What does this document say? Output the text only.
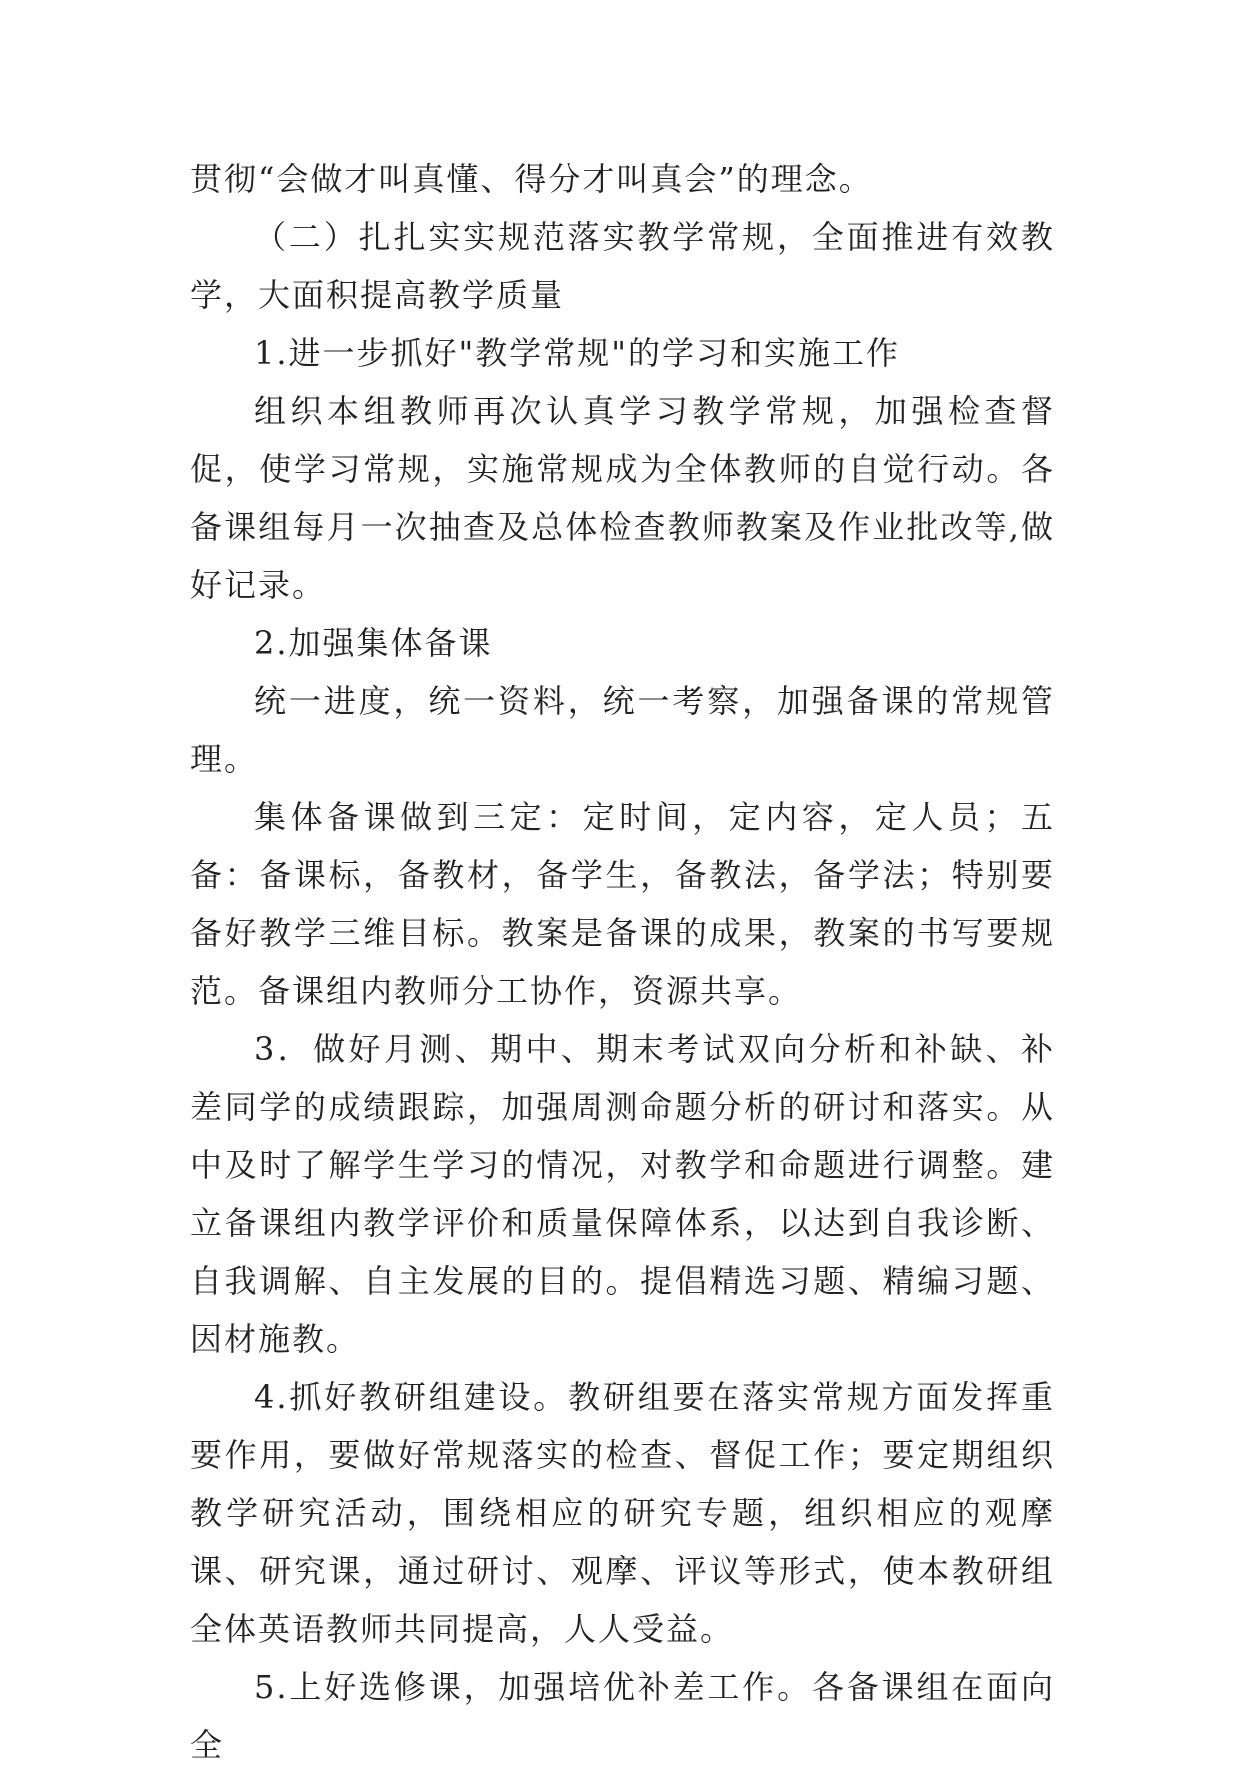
贯彻“会做才叫真懂、得分才叫真会”的理念。

（二）扎扎实实规范落实教学常规，全面推进有效教学，大面积提高教学质量

1.进一步抓好"教学常规"的学习和实施工作

组织本组教师再次认真学习教学常规，加强检查督促，使学习常规，实施常规成为全体教师的自觉行动。各备课组每月一次抽查及总体检查教师教案及作业批改等,做好记录。

2.加强集体备课

统一进度，统一资料，统一考察，加强备课的常规管理。

集体备课做到三定：定时间，定内容，定人员；五备：备课标，备教材，备学生，备教法，备学法；特别要备好教学三维目标。教案是备课的成果，教案的书写要规范。备课组内教师分工协作，资源共享。

3．做好月测、期中、期末考试双向分析和补缺、补差同学的成绩跟踪，加强周测命题分析的研讨和落实。从中及时了解学生学习的情况，对教学和命题进行调整。建立备课组内教学评价和质量保障体系，以达到自我诊断、自我调解、自主发展的目的。提倡精选习题、精编习题、因材施教。

4.抓好教研组建设。教研组要在落实常规方面发挥重要作用，要做好常规落实的检查、督促工作；要定期组织教学研究活动，围绕相应的研究专题，组织相应的观摩课、研究课，通过研讨、观摩、评议等形式，使本教研组全体英语教师共同提高，人人受益。

5.上好选修课，加强培优补差工作。各备课组在面向全
